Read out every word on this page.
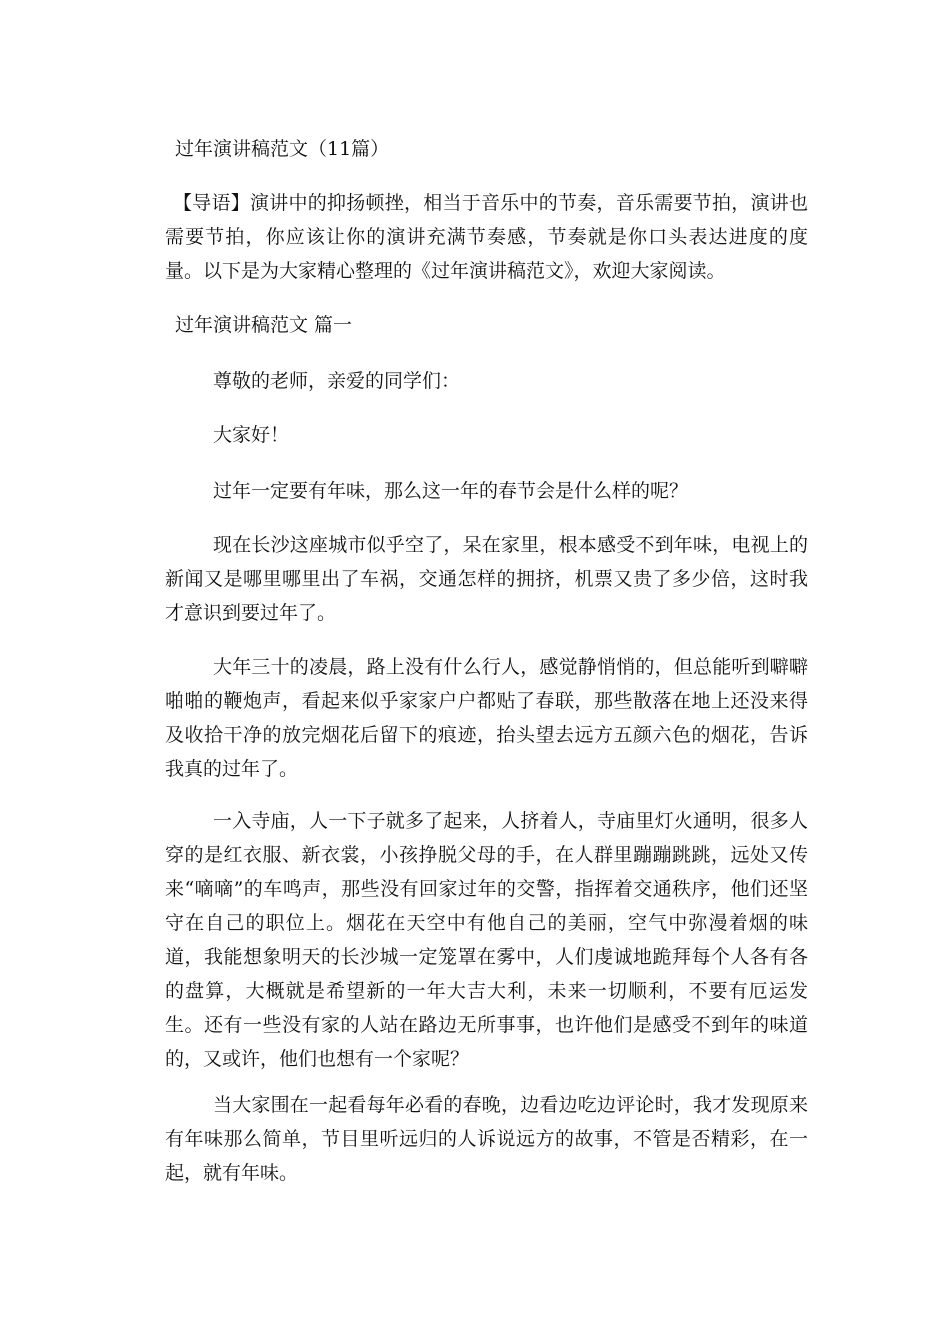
过年演讲稿范文（11篇）

【导语】演讲中的抑扬顿挫，相当于音乐中的节奏，音乐需要节拍，演讲也需要节拍，你应该让你的演讲充满节奏感，节奏就是你口头表达进度的度量。以下是为大家精心整理的《过年演讲稿范文》，欢迎大家阅读。

过年演讲稿范文 篇一

尊敬的老师，亲爱的同学们：

大家好！

过年一定要有年味，那么这一年的春节会是什么样的呢？

现在长沙这座城市似乎空了，呆在家里，根本感受不到年味，电视上的新闻又是哪里哪里出了车祸，交通怎样的拥挤，机票又贵了多少倍，这时我才意识到要过年了。

大年三十的凌晨，路上没有什么行人，感觉静悄悄的，但总能听到噼噼啪啪的鞭炮声，看起来似乎家家户户都贴了春联，那些散落在地上还没来得及收拾干净的放完烟花后留下的痕迹，抬头望去远方五颜六色的烟花，告诉我真的过年了。

一入寺庙，人一下子就多了起来，人挤着人，寺庙里灯火通明，很多人穿的是红衣服、新衣裳，小孩挣脱父母的手，在人群里蹦蹦跳跳，远处又传来“嘀嘀”的车鸣声，那些没有回家过年的交警，指挥着交通秩序，他们还坚守在自己的职位上。烟花在天空中有他自己的美丽，空气中弥漫着烟的味道，我能想象明天的长沙城一定笼罩在雾中，人们虔诚地跪拜每个人各有各的盘算，大概就是希望新的一年大吉大利，未来一切顺利，不要有厄运发生。还有一些没有家的人站在路边无所事事，也许他们是感受不到年的味道的，又或许，他们也想有一个家呢？

当大家围在一起看每年必看的春晚，边看边吃边评论时，我才发现原来有年味那么简单，节目里听远归的人诉说远方的故事，不管是否精彩，在一起，就有年味。
